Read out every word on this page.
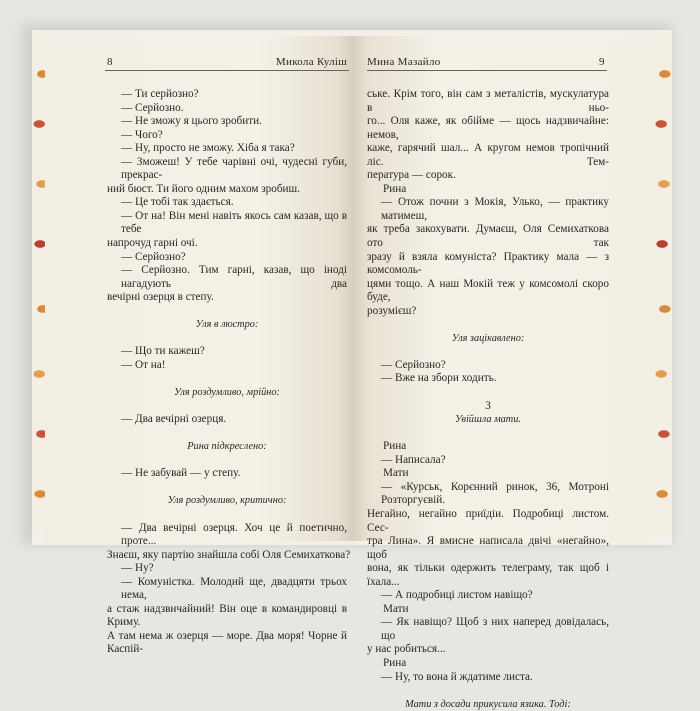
8	Микола Куліш
— Ти серйозно?
— Серйозно.
— Не зможу я цього зробити.
— Чого?
— Ну, просто не зможу. Хіба я така?
— Зможеш! У тебе чарівні очі, чудесні губи, прекрас-
ний бюст. Ти його одним махом зробиш.
— Це тобі так здається.
— От на! Він мені навіть якось сам казав, що в тебе
напрочуд гарні очі.
— Серйозно?
— Серйозно. Тим гарні, казав, що іноді нагадують два
вечірні озерця в степу.
Уля в люстро:
— Що ти кажеш?
— От на!
Уля роздумливо, мрійно:
— Два вечірні озерця.
Рина підкреслено:
— Не забувай — у степу.
Уля роздумливо, критично:
— Два вечірні озерця. Хоч це й поетично, проте...
Знаєш, яку партію знайшла собі Оля Семихаткова?
— Ну?
— Комуністка. Молодий ще, двадцяти трьох немa,
а стаж надзвичайний! Він оце в командировці в Криму.
А там нема ж озерця — море. Два моря! Чорне й Каспій-
Мина Мазайло	9
ське. Крім того, він сам з металістів, мускулатура в ньо-
го... Оля каже, як обійме — щось надзвичайне: немов,
каже, гарячий шал... А кругом немов тропічний ліс. Тем-
пература — сорок.
Рина
— Отож почни з Мокія, Улько, — практику матимеш,
як треба закохувати. Думаєш, Оля Семихаткова ото так
зразу й взяла комуніста? Практику мала — з комсомоль-
цями тощо. А наш Мокій теж у комсомолі скоро буде,
розумієш?
Уля зацікавлено:
— Серйозно?
— Вже на збори ходить.
3
Увійшла мати.
Рина
— Написала?
Мати
— «Курськ, Корєнний ринок, 36, Мотроні Розторгуєвій.
Негайно, негайно приїдіи. Подробиці листом. Сес-
тра Лина». Я вмисне написала двічі «негайно», щоб
вона, як тільки одержить телеграму, так щоб і їхала...
— А подробиці листом навіщо?
Мати
— Як навіщо? Щоб з них наперед довідалась, що
у нас робиться...
Рина
— Ну, то вона й ждатиме листа.
Мати з досади прикусила язика. Тоді:
